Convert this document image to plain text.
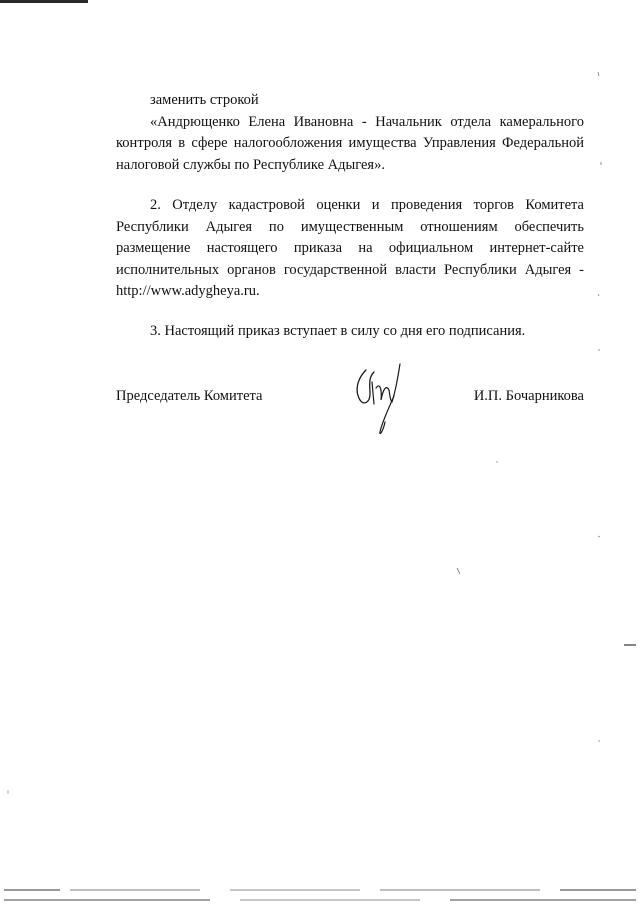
заменить строкой

«Андрющенко Елена Ивановна - Начальник отдела камерального контроля в сфере налогообложения имущества Управления Федеральной налоговой службы по Республике Адыгея».

2. Отделу кадастровой оценки и проведения торгов Комитета Республики Адыгея по имущественным отношениям обеспечить размещение настоящего приказа на официальном интернет-сайте исполнительных органов государственной власти Республики Адыгея - http://www.adygheya.ru.

3. Настоящий приказ вступает в силу со дня его подписания.

Председатель Комитета	И.П. Бочарникова
